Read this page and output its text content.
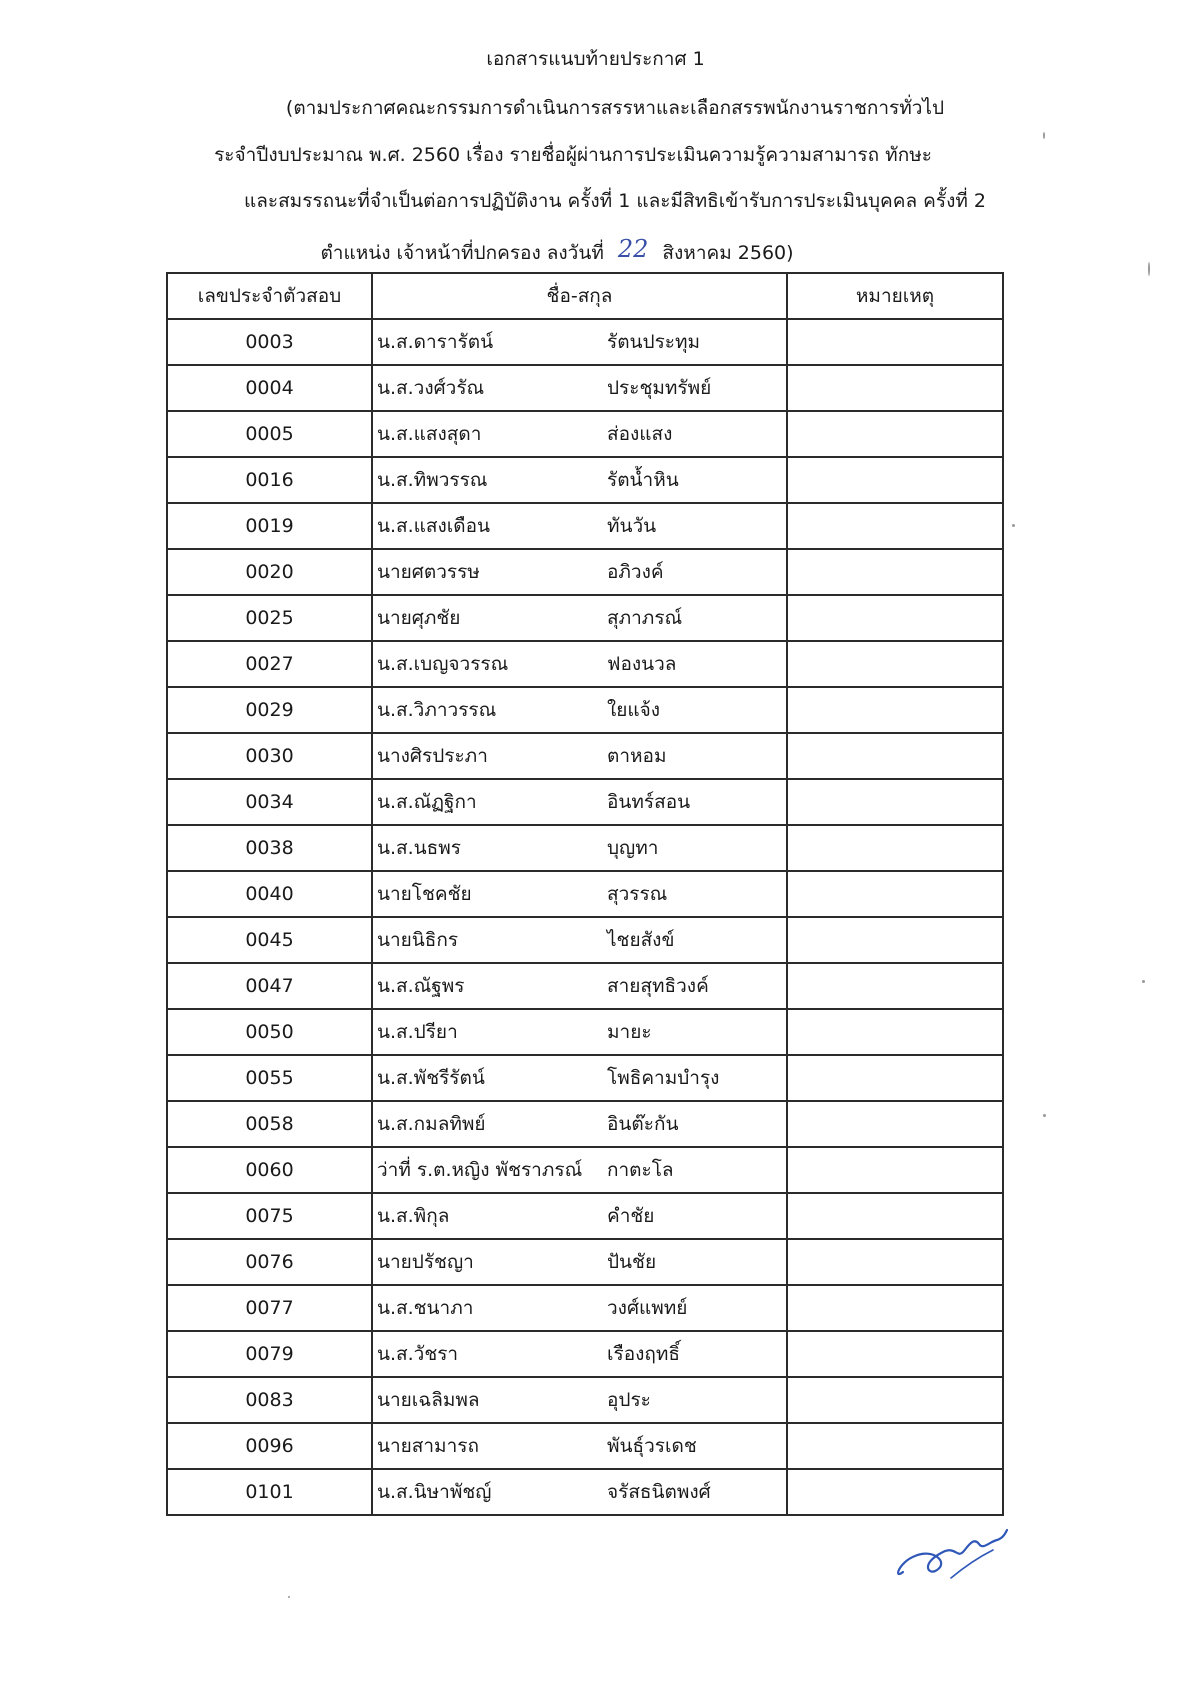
เอกสารแนบท้ายประกาศ 1
(ตามประกาศคณะกรรมการดำเนินการสรรหาและเลือกสรรพนักงานราชการทั่วไป
ระจำปีงบประมาณ พ.ศ. 2560 เรื่อง รายชื่อผู้ผ่านการประเมินความรู้ความสามารถ ทักษะ
และสมรรถนะที่จำเป็นต่อการปฏิบัติงาน ครั้งที่ 1 และมีสิทธิเข้ารับการประเมินบุคคล ครั้งที่ 2
ตำแหน่ง เจ้าหน้าที่ปกครอง ลงวันที่ 22 สิงหาคม 2560)
เลขประจำตัวสอบ	ชื่อ-สกุล	หมายเหตุ
0003	น.ส.ดารารัตน์ รัตนประทุม	

0004	น.ส.วงศ์วรัณ ประชุมทรัพย์	

0005	น.ส.แสงสุดา ส่องแสง	

0016	น.ส.ทิพวรรณ รัตน้ำหิน	

0019	น.ส.แสงเดือน ทันวัน	

0020	นายศตวรรษ อภิวงค์	

0025	นายศุภชัย สุภาภรณ์	

0027	น.ส.เบญจวรรณ ฟองนวล	

0029	น.ส.วิภาวรรณ ใยแจ้ง	

0030	นางศิรประภา ตาหอม	

0034	น.ส.ณัฏฐิกา อินทร์สอน	

0038	น.ส.นธพร บุญทา	

0040	นายโชคชัย สุวรรณ	

0045	นายนิธิกร ไชยสังข์	

0047	น.ส.ณัฐพร สายสุทธิวงค์	

0050	น.ส.ปรียา มายะ	

0055	น.ส.พัชรีรัตน์ โพธิคามบำรุง	

0058	น.ส.กมลทิพย์ อินต๊ะกัน	

0060	ว่าที่ ร.ต.หญิง พัชราภรณ์ กาตะโล	

0075	น.ส.พิกุล คำชัย	

0076	นายปรัชญา ปันชัย	

0077	น.ส.ชนาภา วงศ์แพทย์	

0079	น.ส.วัชรา เรืองฤทธิ์	

0083	นายเฉลิมพล อุประ	

0096	นายสามารถ พันธุ์วรเดช	

0101	น.ส.นิษาพัชญ์ จรัสธนิตพงศ์	
